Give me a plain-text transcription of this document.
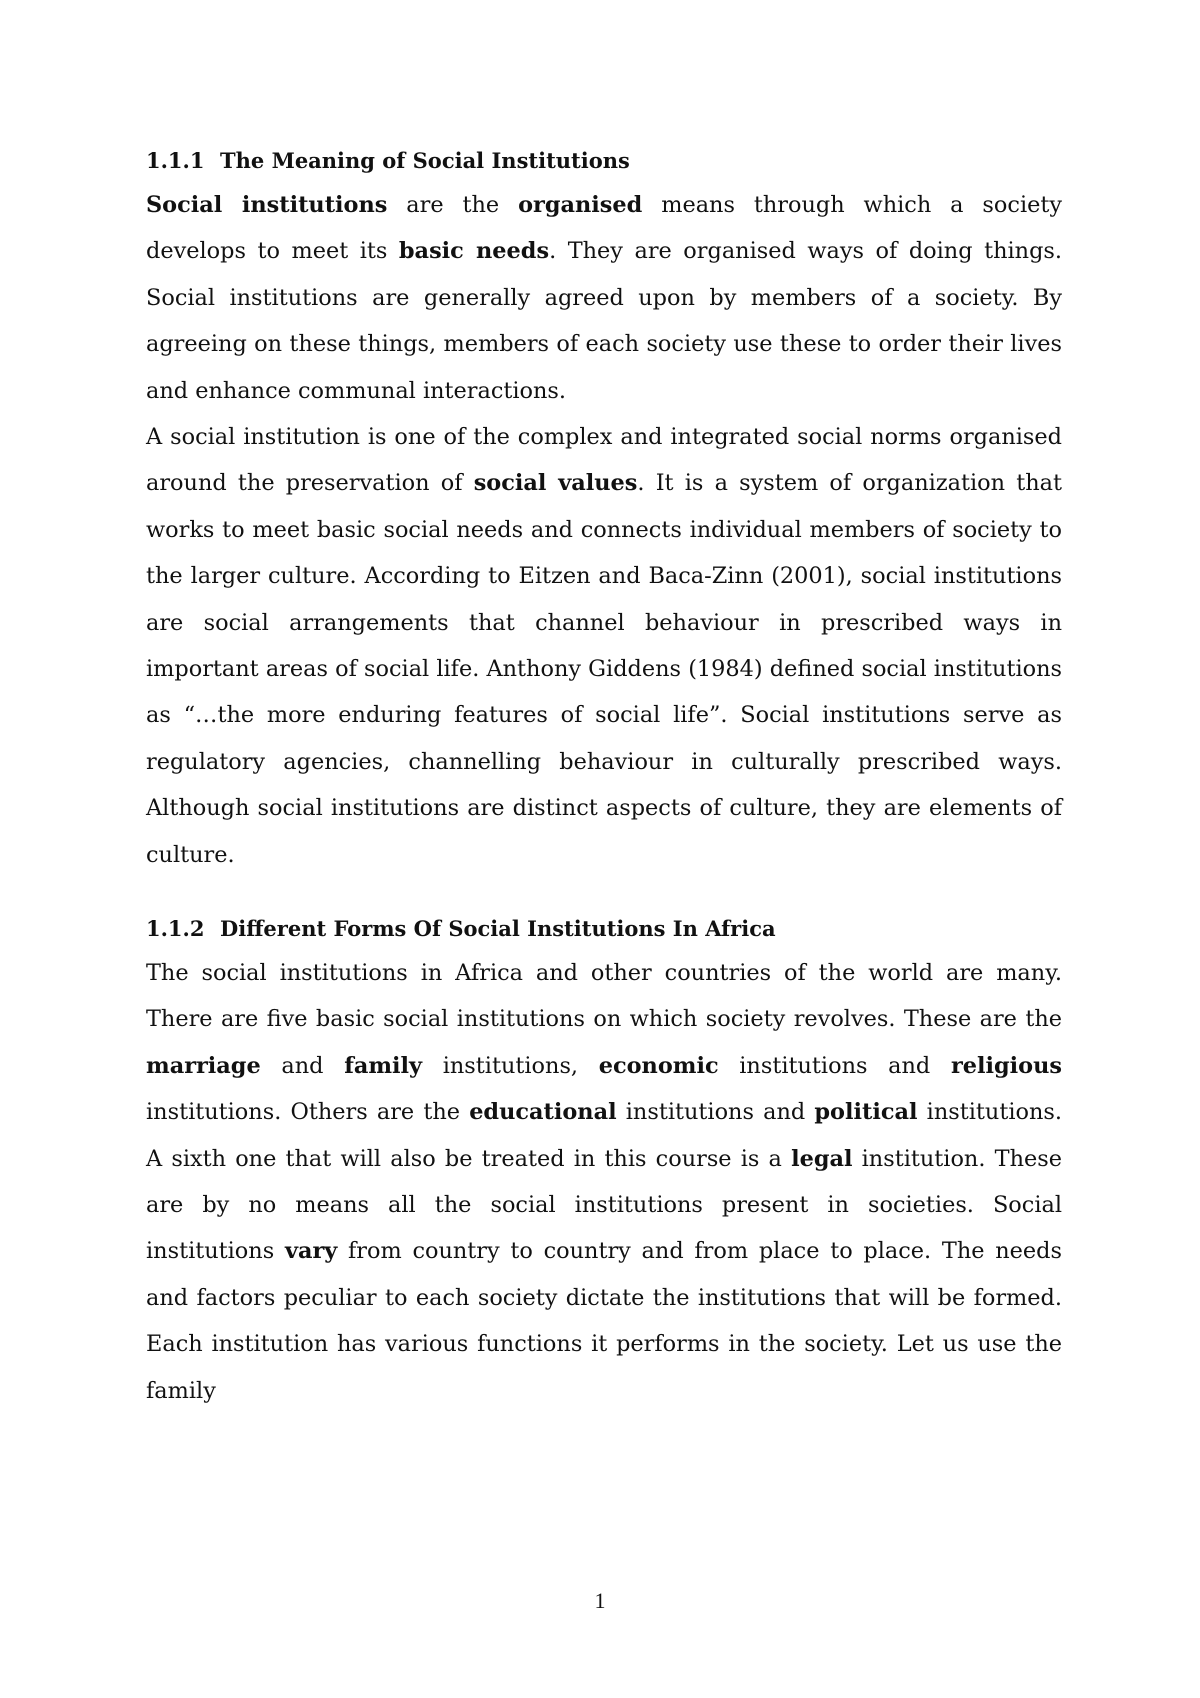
1.1.1 The Meaning of Social Institutions

Social institutions are the organised means through which a society develops to meet its basic needs. They are organised ways of doing things. Social institutions are generally agreed upon by members of a society. By agreeing on these things, members of each society use these to order their lives and enhance communal interactions.

A social institution is one of the complex and integrated social norms organised around the preservation of social values. It is a system of organization that works to meet basic social needs and connects individual members of society to the larger culture. According to Eitzen and Baca-Zinn (2001), social institutions are social arrangements that channel behaviour in prescribed ways in important areas of social life. Anthony Giddens (1984) defined social institutions as “…the more enduring features of social life”. Social institutions serve as regulatory agencies, channelling behaviour in culturally prescribed ways. Although social institutions are distinct aspects of culture, they are elements of culture.

1.1.2 Different Forms Of Social Institutions In Africa

The social institutions in Africa and other countries of the world are many. There are five basic social institutions on which society revolves. These are the marriage and family institutions, economic institutions and religious institutions. Others are the educational institutions and political institutions. A sixth one that will also be treated in this course is a legal institution. These are by no means all the social institutions present in societies. Social institutions vary from country to country and from place to place. The needs and factors peculiar to each society dictate the institutions that will be formed. Each institution has various functions it performs in the society. Let us use the family

1
